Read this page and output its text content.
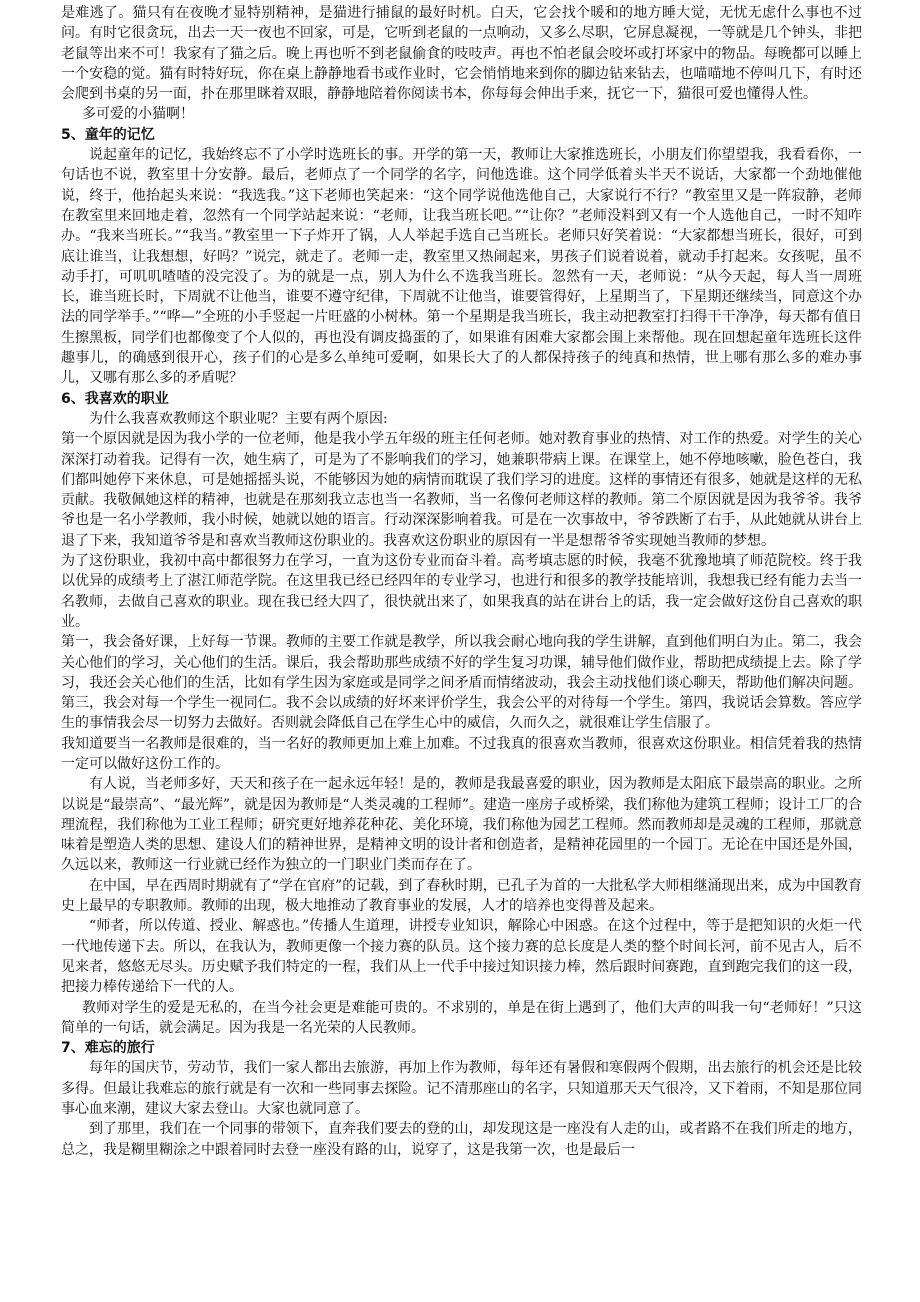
是难逃了。猫只有在夜晚才显特别精神，是猫进行捕鼠的最好时机。白天，它会找个暖和的地方睡大觉，无忧无虑什么事也不过问。有时它很贪玩，出去一天一夜也不回家，可是，它听到老鼠的一点响动，又多么尽职，它屏息凝视，一等就是几个钟头，非把老鼠等出来不可！我家有了猫之后。晚上再也听不到老鼠偷食的吱吱声。再也不怕老鼠会咬坏或打坏家中的物品。每晚都可以睡上一个安稳的觉。猫有时特好玩，你在桌上静静地看书或作业时，它会悄悄地来到你的脚边钻来钻去，也喵喵地不停叫几下，有时还会爬到书桌的另一面，扑在那里眯着双眼，静静地陪着你阅读书本，你每每会伸出手来，抚它一下，猫很可爱也懂得人性。

多可爱的小猫啊！

5、童年的记忆

说起童年的记忆，我始终忘不了小学时选班长的事。开学的第一天，教师让大家推选班长，小朋友们你望望我，我看看你，一句话也不说，教室里十分安静。最后，老师点了一个同学的名字，问他选谁。这个同学低着头半天不说话，大家都一个劲地催他说，终于，他抬起头来说：“我选我。”这下老师也笑起来：“这个同学说他选他自己，大家说行不行？”教室里又是一阵寂静，老师在教室里来回地走着，忽然有一个同学站起来说：“老师，让我当班长吧。”“让你？”老师没料到又有一个人选他自己，一时不知咋办。“我来当班长。”“我当。”教室里一下子炸开了锅，人人举起手选自己当班长。老师只好笑着说：“大家都想当班长，很好，可到底让谁当，让我想想，好吗？”说完，就走了。老师一走，教室里又热闹起来，男孩子们说着说着，就动手打起来。女孩呢，虽不动手打，可叽叽喳喳的没完没了。为的就是一点，别人为什么不选我当班长。忽然有一天，老师说：“从今天起，每人当一周班长，谁当班长时，下周就不让他当，谁要不遵守纪律，下周就不让他当，谁要管得好，上星期当了，下星期还继续当，同意这个办法的同学举手。”“哗—”全班的小手竖起一片旺盛的小树林。第一个星期是我当班长，我主动把教室打扫得干干净净，每天都有值日生擦黑板，同学们也都像变了个人似的，再也没有调皮捣蛋的了，如果谁有困难大家都会围上来帮他。现在回想起童年选班长这件趣事儿，的确感到很开心，孩子们的心是多么单纯可爱啊，如果长大了的人都保持孩子的纯真和热情，世上哪有那么多的难办事儿，又哪有那么多的矛盾呢？

6、我喜欢的职业

为什么我喜欢教师这个职业呢？主要有两个原因:

第一个原因就是因为我小学的一位老师，他是我小学五年级的班主任何老师。她对教育事业的热情、对工作的热爱。对学生的关心深深打动着我。记得有一次，她生病了，可是为了不影响我们的学习，她兼职带病上课。在课堂上，她不停地咳嗽，脸色苍白，我们都叫她停下来休息，可是她摇摇头说，不能够因为她的病情而耽误了我们学习的进度。这样的事情还有很多，她就是这样的无私贡献。我敬佩她这样的精神，也就是在那刻我立志也当一名教师，当一名像何老师这样的教师。第二个原因就是因为我爷爷。我爷爷也是一名小学教师，我小时候，她就以她的语言。行动深深影响着我。可是在一次事故中，爷爷跌断了右手，从此她就从讲台上退了下来，我知道爷爷是和喜欢当教师这份职业的。我喜欢这份职业的原因有一半是想帮爷爷实现她当教师的梦想。

为了这份职业，我初中高中都很努力在学习，一直为这份专业而奋斗着。高考填志愿的时候，我毫不犹豫地填了师范院校。终于我以优异的成绩考上了湛江师范学院。在这里我已经已经四年的专业学习，也进行和很多的教学技能培训，我想我已经有能力去当一名教师，去做自己喜欢的职业。现在我已经大四了，很快就出来了，如果我真的站在讲台上的话，我一定会做好这份自己喜欢的职业。

第一，我会备好课，上好每一节课。教师的主要工作就是教学，所以我会耐心地向我的学生讲解，直到他们明白为止。第二，我会关心他们的学习，关心他们的生活。课后，我会帮助那些成绩不好的学生复习功课，辅导他们做作业，帮助把成绩提上去。除了学习，我还会关心他们的生活，比如有学生因为家庭或是同学之间矛盾而情绪波动，我会主动找他们谈心聊天，帮助他们解决问题。第三，我会对每一个学生一视同仁。我不会以成绩的好坏来评价学生，我会公平的对待每一个学生。第四，我说话会算数。答应学生的事情我会尽一切努力去做好。否则就会降低自己在学生心中的威信，久而久之，就很难让学生信服了。

我知道要当一名教师是很难的，当一名好的教师更加上难上加难。不过我真的很喜欢当教师，很喜欢这份职业。相信凭着我的热情一定可以做好这份工作的。

有人说，当老师多好，天天和孩子在一起永远年轻！是的，教师是我最喜爱的职业，因为教师是太阳底下最崇高的职业。之所以说是“最崇高”、“最光辉”，就是因为教师是“人类灵魂的工程师”。建造一座房子或桥梁，我们称他为建筑工程师；设计工厂的合理流程，我们称他为工业工程师；研究更好地养花种花、美化环境，我们称他为园艺工程师。然而教师却是灵魂的工程师，那就意味着是塑造人类的思想、建设人们的精神世界，是精神文明的设计者和创造者，是精神花园里的一个园丁。无论在中国还是外国，久远以来，教师这一行业就已经作为独立的一门职业门类而存在了。

在中国，早在西周时期就有了“学在官府”的记载，到了春秋时期，已孔子为首的一大批私学大师相继涌现出来，成为中国教育史上最早的专职教师。教师的出现，极大地推动了教育事业的发展，人才的培养也变得普及起来。

“师者，所以传道、授业、解惑也。”传播人生道理，讲授专业知识，解除心中困惑。在这个过程中，等于是把知识的火炬一代一代地传递下去。所以，在我认为，教师更像一个接力赛的队员。这个接力赛的总长度是人类的整个时间长河，前不见古人，后不见来者，悠悠无尽头。历史赋予我们特定的一程，我们从上一代手中接过知识接力棒，然后跟时间赛跑，直到跑完我们的这一段，把接力棒传递给下一代的人。

教师对学生的爱是无私的，在当今社会更是难能可贵的。不求别的，单是在街上遇到了，他们大声的叫我一句“老师好！”只这简单的一句话，就会满足。因为我是一名光荣的人民教师。

7、难忘的旅行

每年的国庆节，劳动节，我们一家人都出去旅游，再加上作为教师，每年还有暑假和寒假两个假期，出去旅行的机会还是比较多得。但最让我难忘的旅行就是有一次和一些同事去探险。记不清那座山的名字，只知道那天天气很冷，又下着雨，不知是那位同事心血来潮，建议大家去登山。大家也就同意了。

到了那里，我们在一个同事的带领下，直奔我们要去的登的山，却发现这是一座没有人走的山，或者路不在我们所走的地方，总之，我是糊里糊涂之中跟着同时去登一座没有路的山，说穿了，这是我第一次，也是最后一
